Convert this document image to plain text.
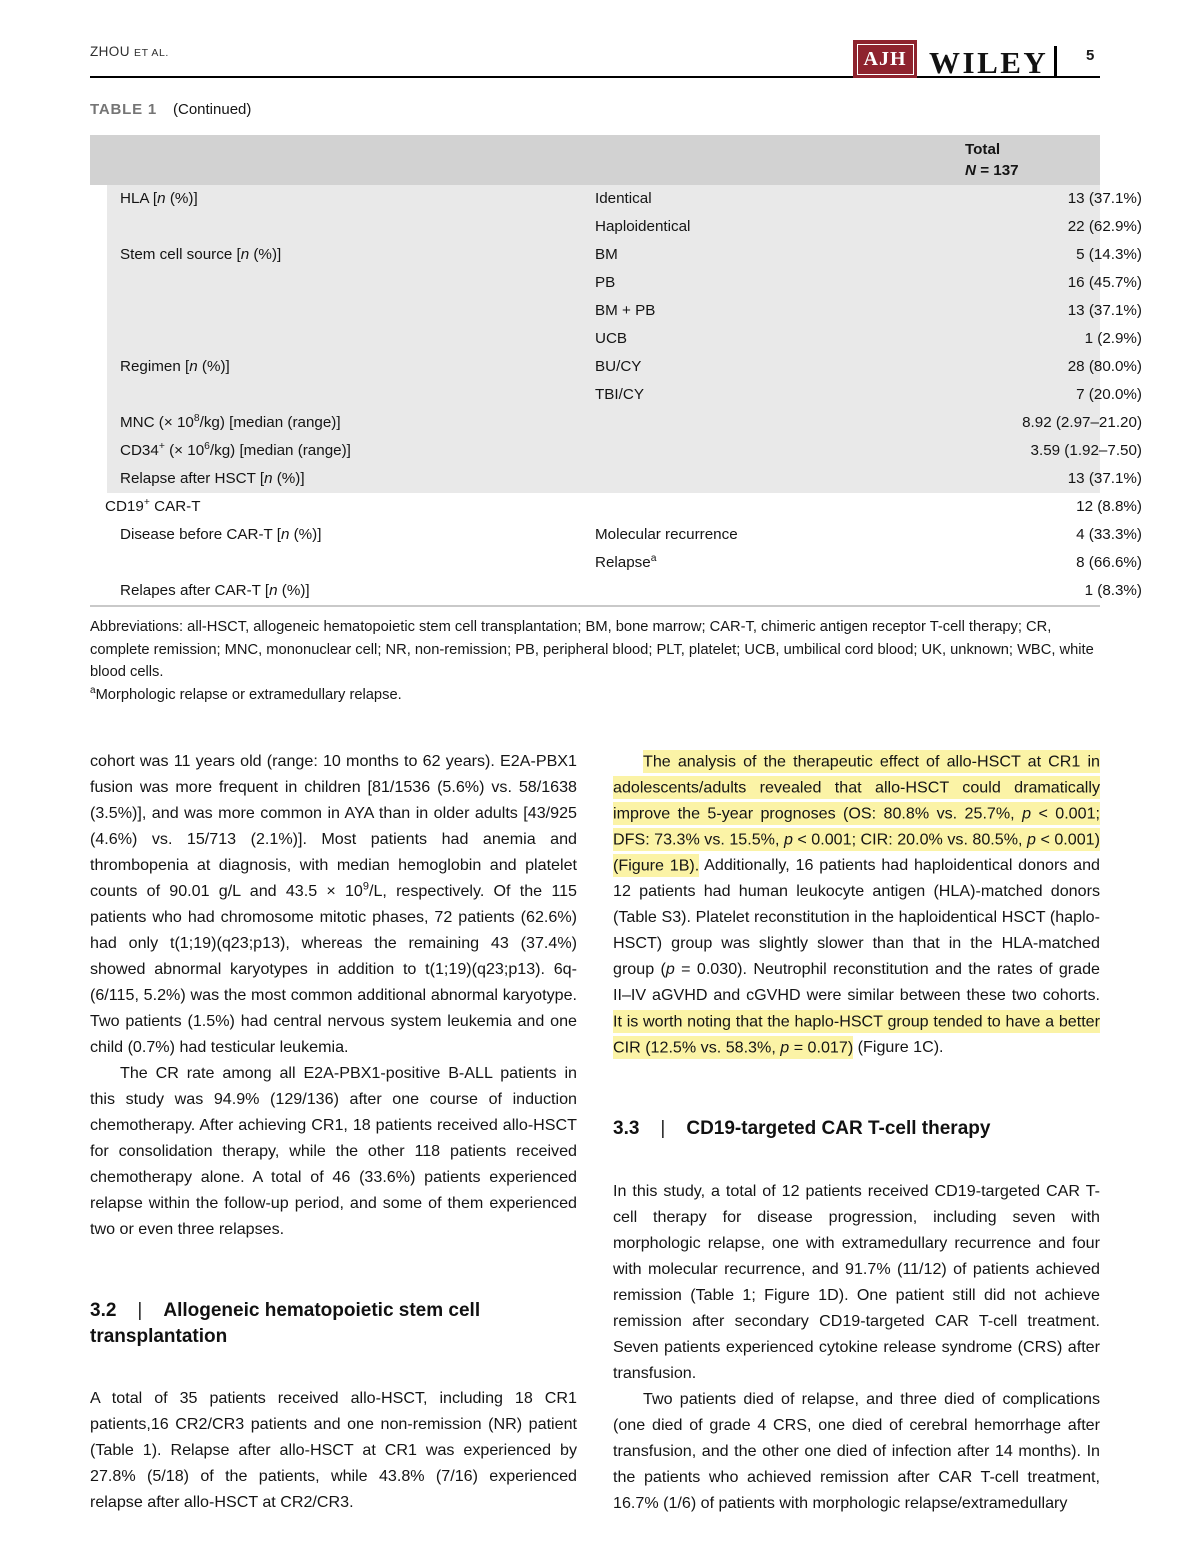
ZHOU ET AL.	AJH WILEY	5
TABLE 1 (Continued)
Total
N = 137
HLA [n (%)]	Identical	13 (37.1%)
Haploidentical	22 (62.9%)
Stem cell source [n (%)]	BM	5 (14.3%)
PB	16 (45.7%)
BM + PB	13 (37.1%)
UCB	1 (2.9%)
Regimen [n (%)]	BU/CY	28 (80.0%)
TBI/CY	7 (20.0%)
MNC (× $10^8/kg$) [median (range)]	8.92 (2.97–21.20)
CD34+ (× $10^6/kg$) [median (range)]	3.59 (1.92–7.50)
Relapse after HSCT [n (%)]	13 (37.1%)
CD19+ CAR-T	12 (8.8%)
Disease before CAR-T [n (%)]	Molecular recurrence	4 (33.3%)
Relapse$^a$	8 (66.6%)
Relapes after CAR-T [n (%)]	1 (8.3%)
Abbreviations: all-HSCT, allogeneic hematopoietic stem cell transplantation; BM, bone marrow; CAR-T, chimeric antigen receptor T-cell therapy; CR, complete remission; MNC, mononuclear cell; NR, non-remission; PB, peripheral blood; PLT, platelet; UCB, umbilical cord blood; UK, unknown; WBC, white blood cells.
$^a$Morphologic relapse or extramedullary relapse.

cohort was 11 years old (range: 10 months to 62 years). E2A-PBX1 fusion was more frequent in children [81/1536 (5.6%) vs. 58/1638 (3.5%)], and was more common in AYA than in older adults [43/925 (4.6%) vs. 15/713 (2.1%)]. Most patients had anemia and thrombopenia at diagnosis, with median hemoglobin and platelet counts of 90.01 g/L and $43.5 \times 10^9/L$, respectively. Of the 115 patients who had chromosome mitotic phases, 72 patients (62.6%) had only t(1;19)(q23;p13), whereas the remaining 43 (37.4%) showed abnormal karyotypes in addition to t(1;19)(q23;p13). 6q- (6/115, 5.2%) was the most common additional abnormal karyotype. Two patients (1.5%) had central nervous system leukemia and one child (0.7%) had testicular leukemia.

The CR rate among all E2A-PBX1-positive B-ALL patients in this study was 94.9% (129/136) after one course of induction chemotherapy. After achieving CR1, 18 patients received allo-HSCT for consolidation therapy, while the other 118 patients received chemotherapy alone. A total of 46 (33.6%) patients experienced relapse within the follow-up period, and some of them experienced two or even three relapses.

3.2 | Allogeneic hematopoietic stem cell transplantation

A total of 35 patients received allo-HSCT, including 18 CR1 patients,16 CR2/CR3 patients and one non-remission (NR) patient (Table 1). Relapse after allo-HSCT at CR1 was experienced by 27.8% (5/18) of the patients, while 43.8% (7/16) experienced relapse after allo-HSCT at CR2/CR3.

The analysis of the therapeutic effect of allo-HSCT at CR1 in adolescents/adults revealed that allo-HSCT could dramatically improve the 5-year prognoses (OS: 80.8% vs. 25.7%, p < 0.001; DFS: 73.3% vs. 15.5%, p < 0.001; CIR: 20.0% vs. 80.5%, p < 0.001) (Figure 1B). Additionally, 16 patients had haploidentical donors and 12 patients had human leukocyte antigen (HLA)-matched donors (Table S3). Platelet reconstitution in the haploidentical HSCT (haplo-HSCT) group was slightly slower than that in the HLA-matched group (p = 0.030). Neutrophil reconstitution and the rates of grade II–IV aGVHD and cGVHD were similar between these two cohorts. It is worth noting that the haplo-HSCT group tended to have a better CIR (12.5% vs. 58.3%, p = 0.017) (Figure 1C).

3.3 | CD19-targeted CAR T-cell therapy

In this study, a total of 12 patients received CD19-targeted CAR T-cell therapy for disease progression, including seven with morphologic relapse, one with extramedullary recurrence and four with molecular recurrence, and 91.7% (11/12) of patients achieved remission (Table 1; Figure 1D). One patient still did not achieve remission after secondary CD19-targeted CAR T-cell treatment. Seven patients experienced cytokine release syndrome (CRS) after transfusion.

Two patients died of relapse, and three died of complications (one died of grade 4 CRS, one died of cerebral hemorrhage after transfusion, and the other one died of infection after 14 months). In the patients who achieved remission after CAR T-cell treatment, 16.7% (1/6) of patients with morphologic relapse/extramedullary
